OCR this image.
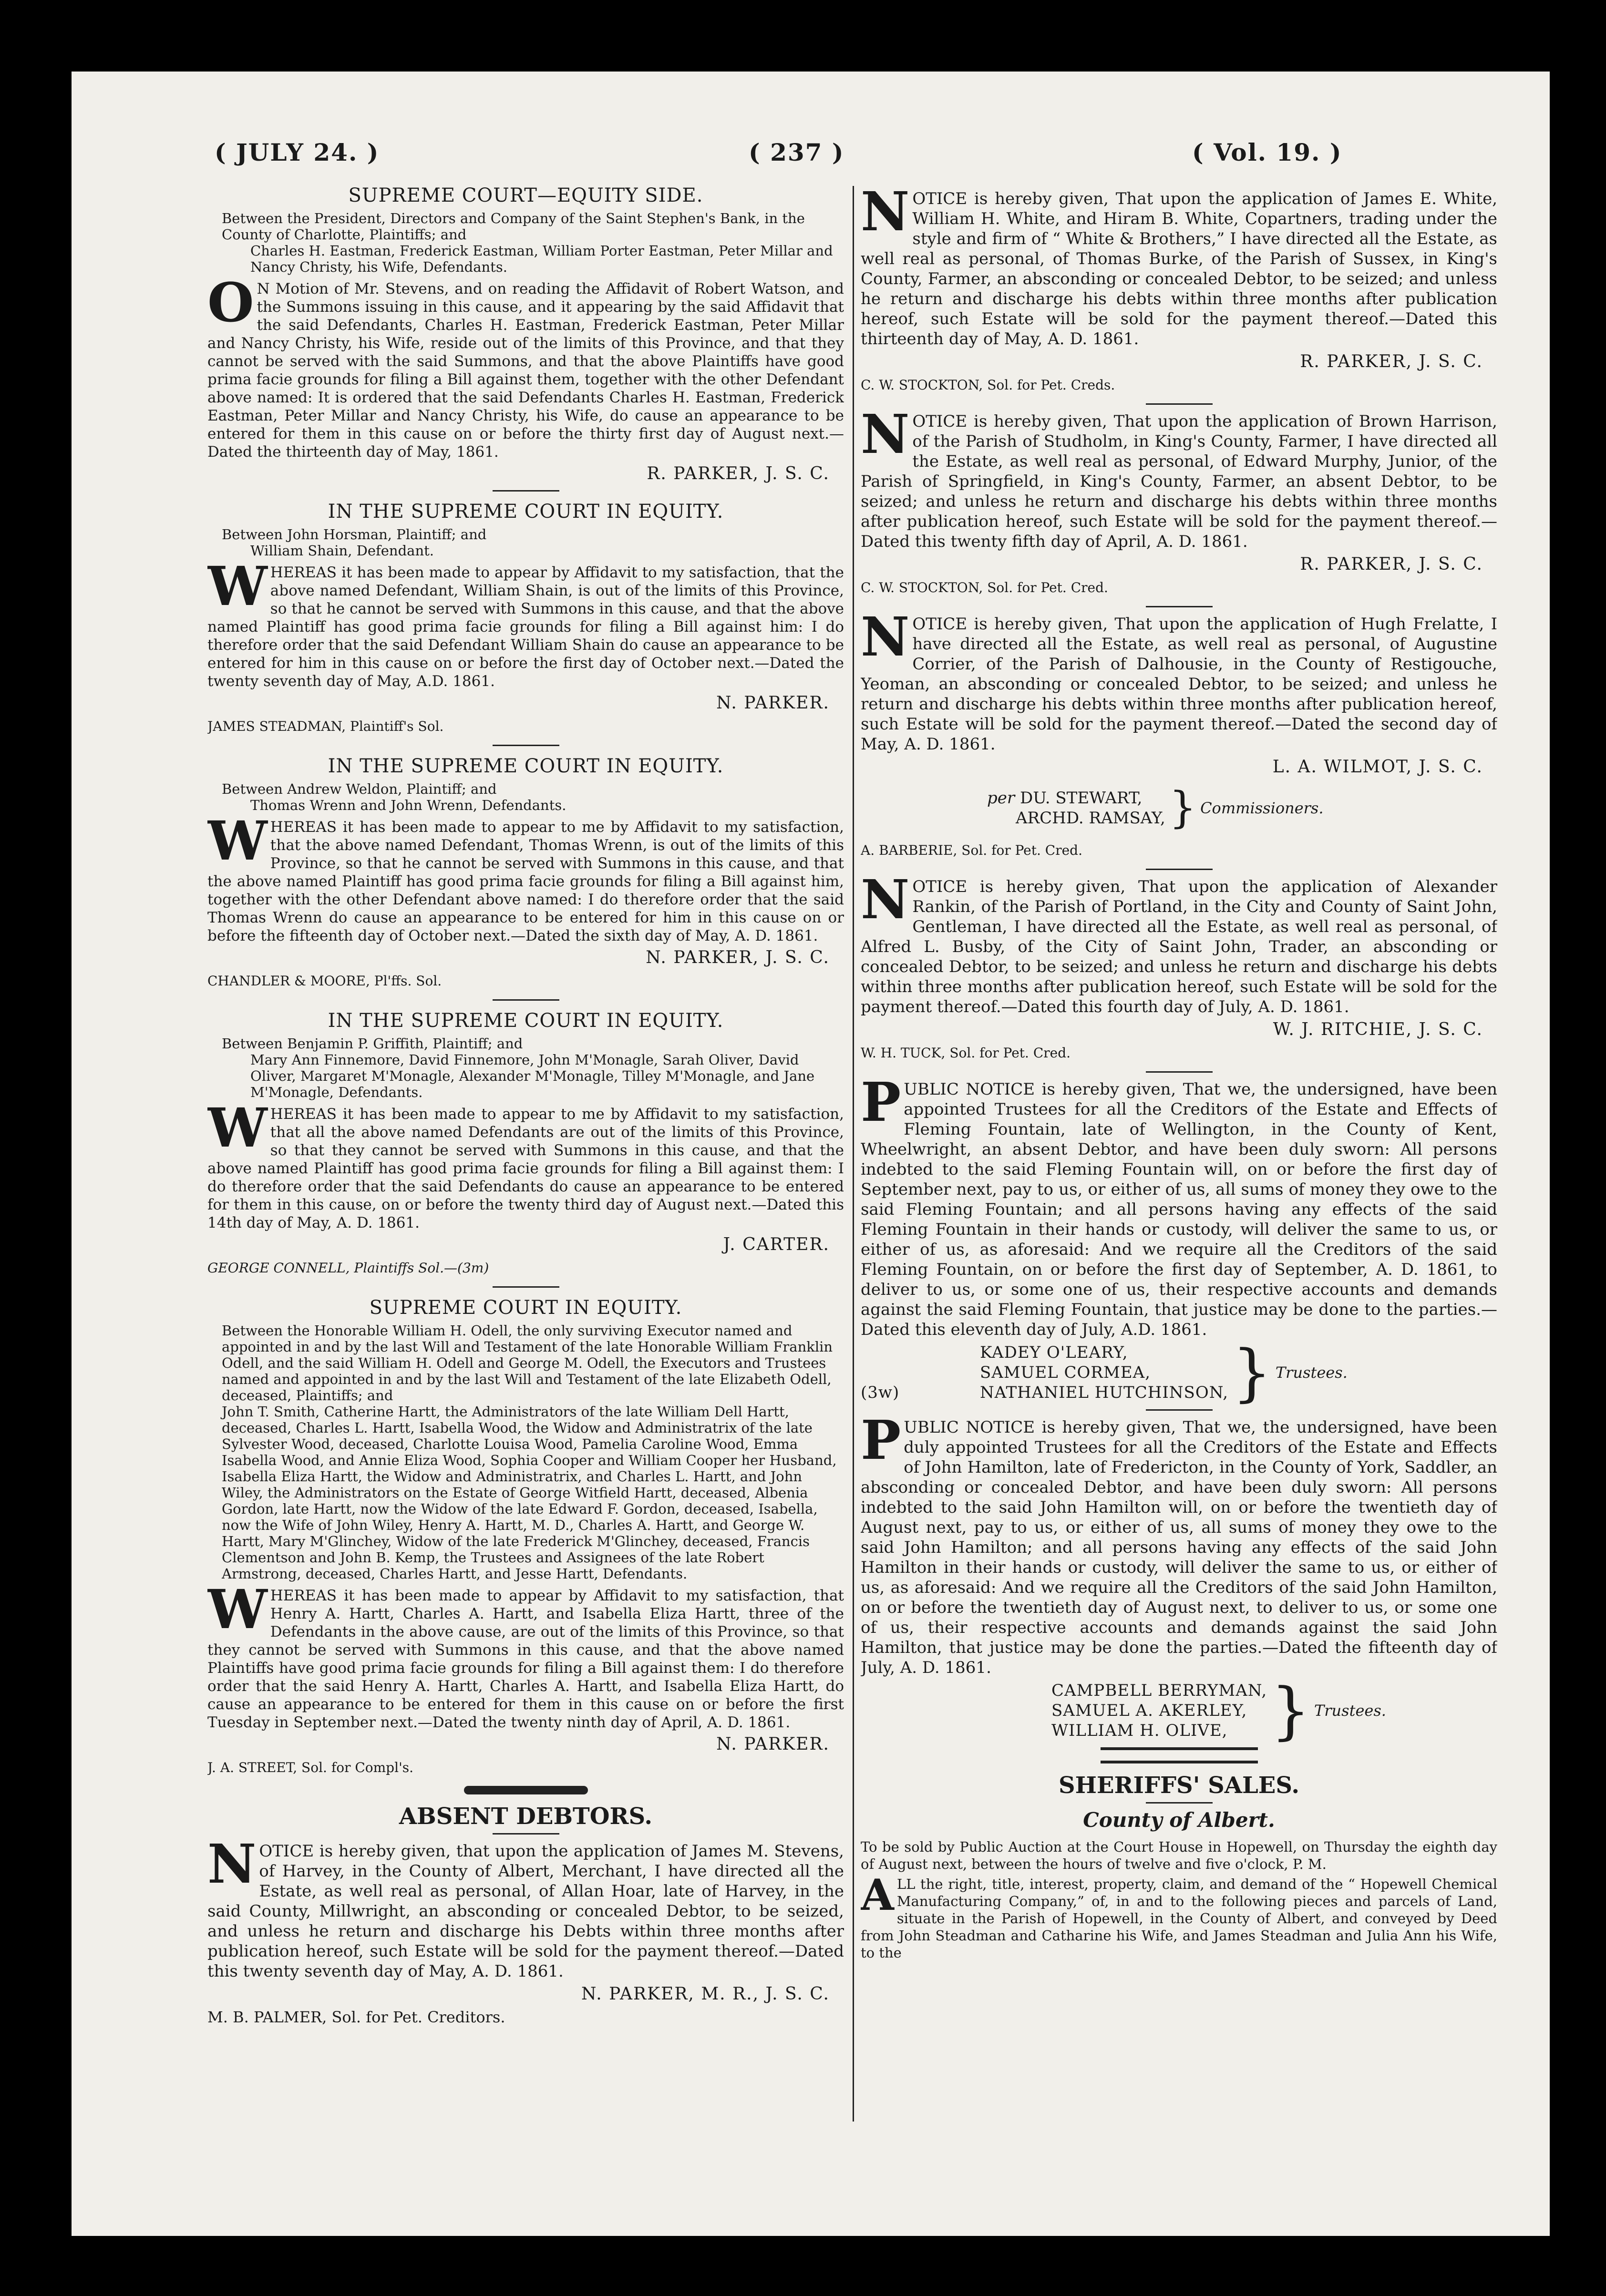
( JULY 24. )	( 237 )	( Vol. 19. )
SUPREME COURT—EQUITY SIDE.

Between the President, Directors and Company of the Saint Stephen's Bank, in the County of Charlotte, Plaintiffs; and

Charles H. Eastman, Frederick Eastman, William Porter Eastman, Peter Millar and Nancy Christy, his Wife, Defendants.

O N Motion of Mr. Stevens, and on reading the Affidavit of Robert Watson, and the Summons issuing in this cause, and it appearing by the said Affidavit that the said Defendants, Charles H. Eastman, Frederick Eastman, Peter Millar and Nancy Christy, his Wife, reside out of the limits of this Province, and that they cannot be served with the said Summons, and that the above Plaintiffs have good prima facie grounds for filing a Bill against them, together with the other Defendant above named: It is ordered that the said Defendants Charles H. Eastman, Frederick Eastman, Peter Millar and Nancy Christy, his Wife, do cause an appearance to be entered for them in this cause on or before the thirty first day of August next.—Dated the thirteenth day of May, 1861.
R. PARKER, J. S. C.
IN THE SUPREME COURT IN EQUITY.

Between John Horsman, Plaintiff; and

William Shain, Defendant.

WHEREAS it has been made to appear by Affidavit to my satisfaction, that the above named Defendant, William Shain, is out of the limits of this Province, so that he cannot be served with Summons in this cause, and that the above named Plaintiff has good prima facie grounds for filing a Bill against him: I do therefore order that the said Defendant William Shain do cause an appearance to be entered for him in this cause on or before the first day of October next.—Dated the twenty seventh day of May, A.D. 1861.
N. PARKER.
JAMES STEADMAN, Plaintiff's Sol.
IN THE SUPREME COURT IN EQUITY.

Between Andrew Weldon, Plaintiff; and

Thomas Wrenn and John Wrenn, Defendants.

WHEREAS it has been made to appear to me by Affidavit to my satisfaction, that the above named Defendant, Thomas Wrenn, is out of the limits of this Province, so that he cannot be served with Summons in this cause, and that the above named Plaintiff has good prima facie grounds for filing a Bill against him, together with the other Defendant above named: I do therefore order that the said Thomas Wrenn do cause an appearance to be entered for him in this cause on or before the fifteenth day of October next.—Dated the sixth day of May, A. D. 1861.
N. PARKER, J. S. C.
CHANDLER & MOORE, Pl'ffs. Sol.
IN THE SUPREME COURT IN EQUITY.

Between Benjamin P. Griffith, Plaintiff; and

Mary Ann Finnemore, David Finnemore, John M'Monagle, Sarah Oliver, David Oliver, Margaret M'Monagle, Alexander M'Monagle, Tilley M'Monagle, and Jane M'Monagle, Defendants.

WHEREAS it has been made to appear to me by Affidavit to my satisfaction, that all the above named Defendants are out of the limits of this Province, so that they cannot be served with Summons in this cause, and that the above named Plaintiff has good prima facie grounds for filing a Bill against them: I do therefore order that the said Defendants do cause an appearance to be entered for them in this cause, on or before the twenty third day of August next.—Dated this 14th day of May, A. D. 1861.
J. CARTER.
GEORGE CONNELL, Plaintiffs Sol.—(3m)
SUPREME COURT IN EQUITY.

Between the Honorable William H. Odell, the only surviving Executor named and appointed in and by the last Will and Testament of the late Honorable William Franklin Odell, and the said William H. Odell and George M. Odell, the Executors and Trustees named and appointed in and by the last Will and Testament of the late Elizabeth Odell, deceased, Plaintiffs; and

John T. Smith, Catherine Hartt, the Administrators of the late William Dell Hartt, deceased, Charles L. Hartt, Isabella Wood, the Widow and Administratrix of the late Sylvester Wood, deceased, Charlotte Louisa Wood, Pamelia Caroline Wood, Emma Isabella Wood, and Annie Eliza Wood, Sophia Cooper and William Cooper her Husband, Isabella Eliza Hartt, the Widow and Administratrix, and Charles L. Hartt, and John Wiley, the Administrators on the Estate of George Witfield Hartt, deceased, Albenia Gordon, late Hartt, now the Widow of the late Edward F. Gordon, deceased, Isabella, now the Wife of John Wiley, Henry A. Hartt, M. D., Charles A. Hartt, and George W. Hartt, Mary M'Glinchey, Widow of the late Frederick M'Glinchey, deceased, Francis Clementson and John B. Kemp, the Trustees and Assignees of the late Robert Armstrong, deceased, Charles Hartt, and Jesse Hartt, Defendants.

WHEREAS it has been made to appear by Affidavit to my satisfaction, that Henry A. Hartt, Charles A. Hartt, and Isabella Eliza Hartt, three of the Defendants in the above cause, are out of the limits of this Province, so that they cannot be served with Summons in this cause, and that the above named Plaintiffs have good prima facie grounds for filing a Bill against them: I do therefore order that the said Henry A. Hartt, Charles A. Hartt, and Isabella Eliza Hartt, do cause an appearance to be entered for them in this cause on or before the first Tuesday in September next.—Dated the twenty ninth day of April, A. D. 1861.
N. PARKER.
J. A. STREET, Sol. for Compl's.
ABSENT DEBTORS.
NOTICE is hereby given, that upon the application of James M. Stevens, of Harvey, in the County of Albert, Merchant, I have directed all the Estate, as well real as personal, of Allan Hoar, late of Harvey, in the said County, Millwright, an absconding or concealed Debtor, to be seized, and unless he return and discharge his Debts within three months after publication hereof, such Estate will be sold for the payment thereof.—Dated this twenty seventh day of May, A. D. 1861.
N. PARKER, M. R., J. S. C.
M. B. PALMER, Sol. for Pet. Creditors.
NOTICE is hereby given, That upon the application of James E. White, William H. White, and Hiram B. White, Copartners, trading under the style and firm of “ White & Brothers,” I have directed all the Estate, as well real as personal, of Thomas Burke, of the Parish of Sussex, in King's County, Farmer, an absconding or concealed Debtor, to be seized; and unless he return and discharge his debts within three months after publication hereof, such Estate will be sold for the payment thereof.—Dated this thirteenth day of May, A. D. 1861.
R. PARKER, J. S. C.
C. W. STOCKTON, Sol. for Pet. Creds.
NOTICE is hereby given, That upon the application of Brown Harrison, of the Parish of Studholm, in King's County, Farmer, I have directed all the Estate, as well real as personal, of Edward Murphy, Junior, of the Parish of Springfield, in King's County, Farmer, an absent Debtor, to be seized; and unless he return and discharge his debts within three months after publication hereof, such Estate will be sold for the payment thereof.—Dated this twenty fifth day of April, A. D. 1861.
R. PARKER, J. S. C.
C. W. STOCKTON, Sol. for Pet. Cred.
NOTICE is hereby given, That upon the application of Hugh Frelatte, I have directed all the Estate, as well real as personal, of Augustine Corrier, of the Parish of Dalhousie, in the County of Restigouche, Yeoman, an absconding or concealed Debtor, to be seized; and unless he return and discharge his debts within three months after publication hereof, such Estate will be sold for the payment thereof.—Dated the second day of May, A. D. 1861.
L. A. WILMOT, J. S. C.
per DU. STEWART,
ARCHD. RAMSAY, } Commissioners.
A. BARBERIE, Sol. for Pet. Cred.
NOTICE is hereby given, That upon the application of Alexander Rankin, of the Parish of Portland, in the City and County of Saint John, Gentleman, I have directed all the Estate, as well real as personal, of Alfred L. Busby, of the City of Saint John, Trader, an absconding or concealed Debtor, to be seized; and unless he return and discharge his debts within three months after publication hereof, such Estate will be sold for the payment thereof.—Dated this fourth day of July, A. D. 1861.
W. J. RITCHIE, J. S. C.
W. H. TUCK, Sol. for Pet. Cred.
PUBLIC NOTICE is hereby given, That we, the undersigned, have been appointed Trustees for all the Creditors of the Estate and Effects of Fleming Fountain, late of Wellington, in the County of Kent, Wheelwright, an absent Debtor, and have been duly sworn: All persons indebted to the said Fleming Fountain will, on or before the first day of September next, pay to us, or either of us, all sums of money they owe to the said Fleming Fountain; and all persons having any effects of the said Fleming Fountain in their hands or custody, will deliver the same to us, or either of us, as aforesaid: And we require all the Creditors of the said Fleming Fountain, on or before the first day of September, A. D. 1861, to deliver to us, or some one of us, their respective accounts and demands against the said Fleming Fountain, that justice may be done to the parties.—Dated this eleventh day of July, A.D. 1861.
KADEY O'LEARY,
SAMUEL CORMEA,
(3w)	NATHANIEL HUTCHINSON, } Trustees.
PUBLIC NOTICE is hereby given, That we, the undersigned, have been duly appointed Trustees for all the Creditors of the Estate and Effects of John Hamilton, late of Fredericton, in the County of York, Saddler, an absconding or concealed Debtor, and have been duly sworn: All persons indebted to the said John Hamilton will, on or before the twentieth day of August next, pay to us, or either of us, all sums of money they owe to the said John Hamilton; and all persons having any effects of the said John Hamilton in their hands or custody, will deliver the same to us, or either of us, as aforesaid: And we require all the Creditors of the said John Hamilton, on or before the twentieth day of August next, to deliver to us, or some one of us, their respective accounts and demands against the said John Hamilton, that justice may be done the parties.—Dated the fifteenth day of July, A. D. 1861.
CAMPBELL BERRYMAN,
SAMUEL A. AKERLEY,
WILLIAM H. OLIVE, } Trustees.
SHERIFFS' SALES.
County of Albert.
To be sold by Public Auction at the Court House in Hopewell, on Thursday the eighth day of August next, between the hours of twelve and five o'clock, P. M.
ALL the right, title, interest, property, claim, and demand of the “ Hopewell Chemical Manufacturing Company,” of, in and to the following pieces and parcels of Land, situate in the Parish of Hopewell, in the County of Albert, and conveyed by Deed from John Steadman and Catharine his Wife, and James Steadman and Julia Ann his Wife, to the
